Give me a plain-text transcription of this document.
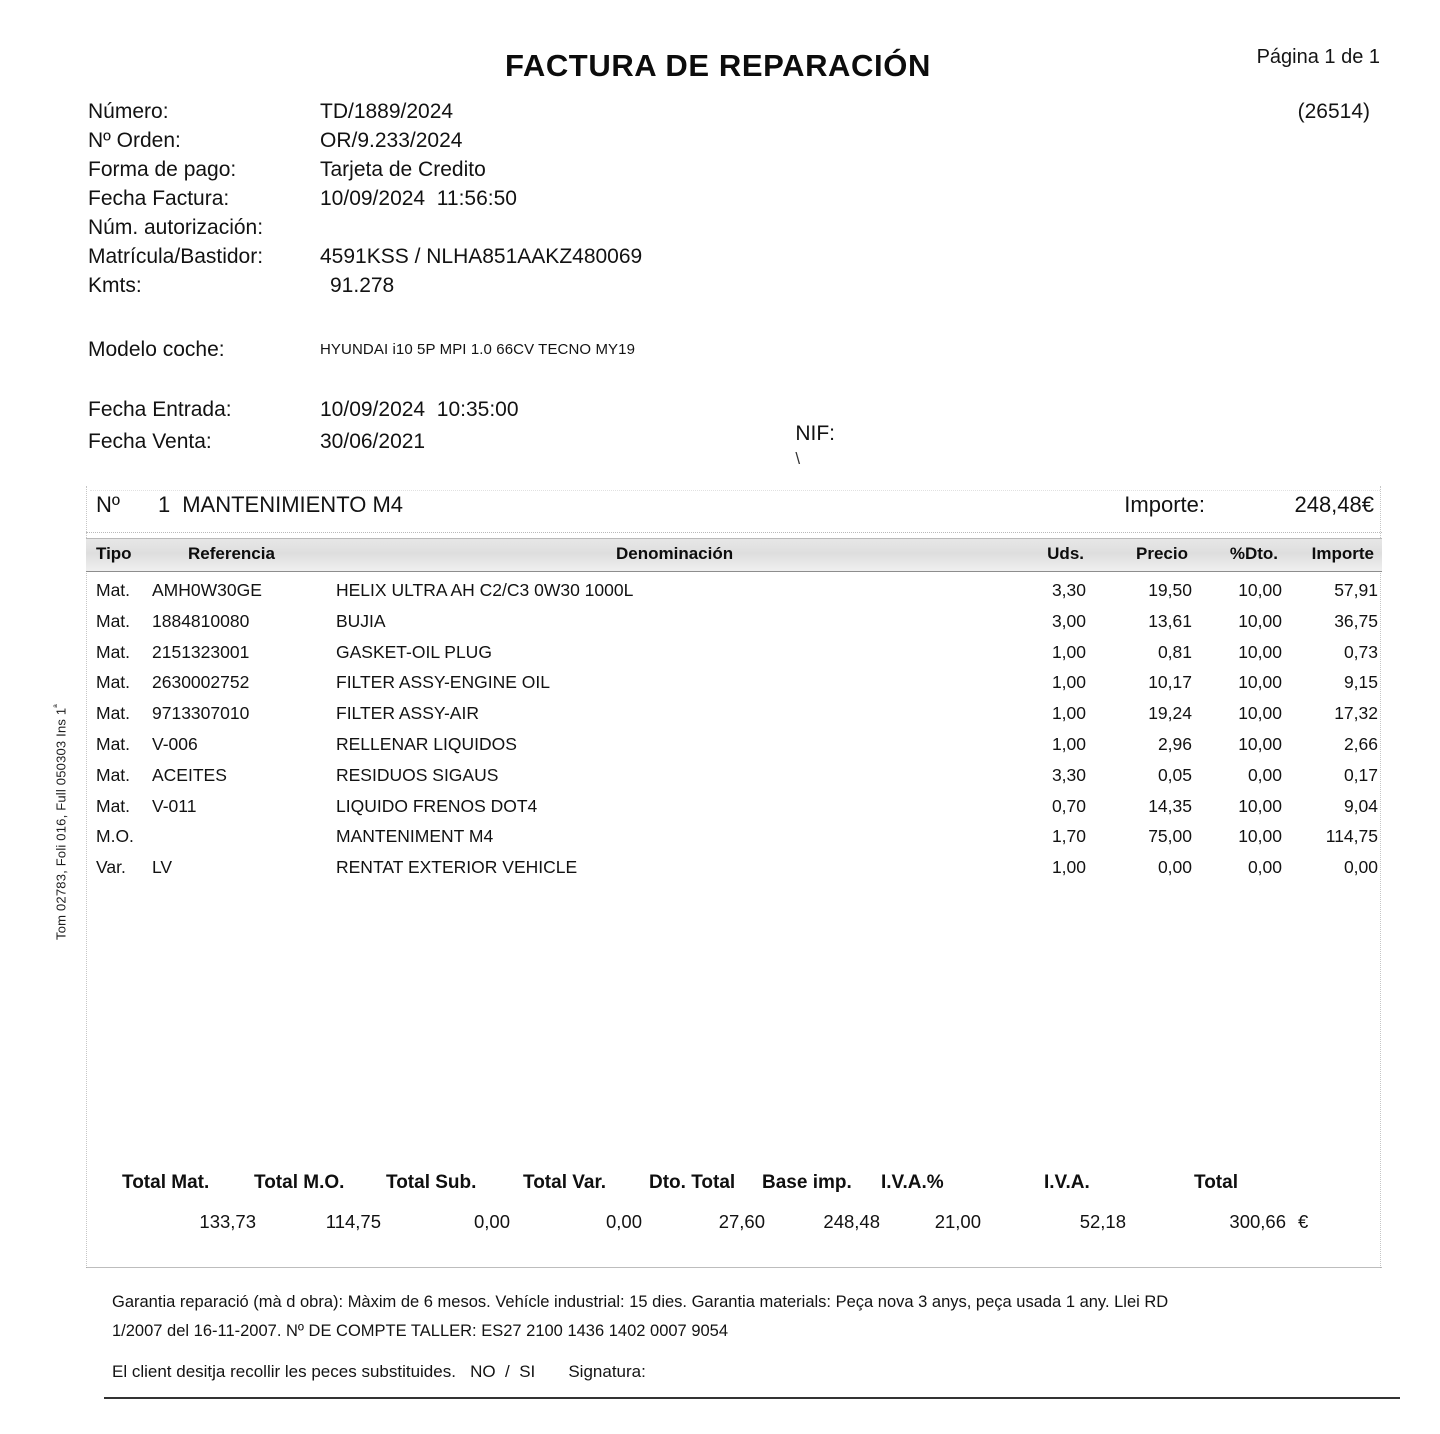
FACTURA DE REPARACIÓN	Página 1 de 1
(26514)
Número:	TD/1889/2024
Nº Orden:	OR/9.233/2024
Forma de pago:	Tarjeta de Credito
Fecha Factura:	10/09/2024  11:56:50
Núm. autorización:
Matrícula/Bastidor:	4591KSS / NLHA851AAKZ480069
Kmts:	91.278
Modelo coche:	HYUNDAI i10 5P MPI 1.0 66CV TECNO MY19
Fecha Entrada:	10/09/2024  10:35:00
Fecha Venta:	30/06/2021	NIF:
\

Nº 1 MANTENIMIENTO M4	Importe:	248,48€
Tipo	Referencia	Denominación	Uds.	Precio %Dto. Importe
Mat. AMH0W30GE	HELIX ULTRA AH C2/C3 0W30 1000L	3,30	19,50	10,00	57,91
Mat. 1884810080	BUJIA	3,00	13,61	10,00	36,75
Mat. 2151323001	GASKET-OIL PLUG	1,00	0,81	10,00	0,73
Mat. 2630002752	FILTER ASSY-ENGINE OIL	1,00	10,17	10,00	9,15
Mat. 9713307010	FILTER ASSY-AIR	1,00	19,24	10,00	17,32
Mat. V-006	RELLENAR LIQUIDOS	1,00	2,96	10,00	2,66
Mat. ACEITES	RESIDUOS SIGAUS	3,30	0,05	0,00	0,17
Mat. V-011	LIQUIDO FRENOS DOT4	0,70	14,35	10,00	9,04
M.O.	MANTENIMENT M4	1,70	75,00	10,00	114,75
Var. LV	RENTAT EXTERIOR VEHICLE	1,00	0,00	0,00	0,00
Total Mat. Total M.O. Total Sub. Total Var. Dto. Total Base imp. I.V.A.%	I.V.A.	Total
133,73	114,75	0,00	0,00	27,60	248,48	21,00	52,18	300,66 €
Garantia reparació (mà d obra): Màxim de 6 mesos. Vehícle industrial: 15 dies. Garantia materials: Peça nova 3 anys, peça usada 1 any. Llei RD
1/2007 del 16-11-2007. Nº DE COMPTE TALLER: ES27 2100 1436 1402 0007 9054
El client desitja recollir les peces substituides.   NO  /  SI       Signatura:
Tom 02783, Foli 016, Full 050303 Ins $1^ª$
